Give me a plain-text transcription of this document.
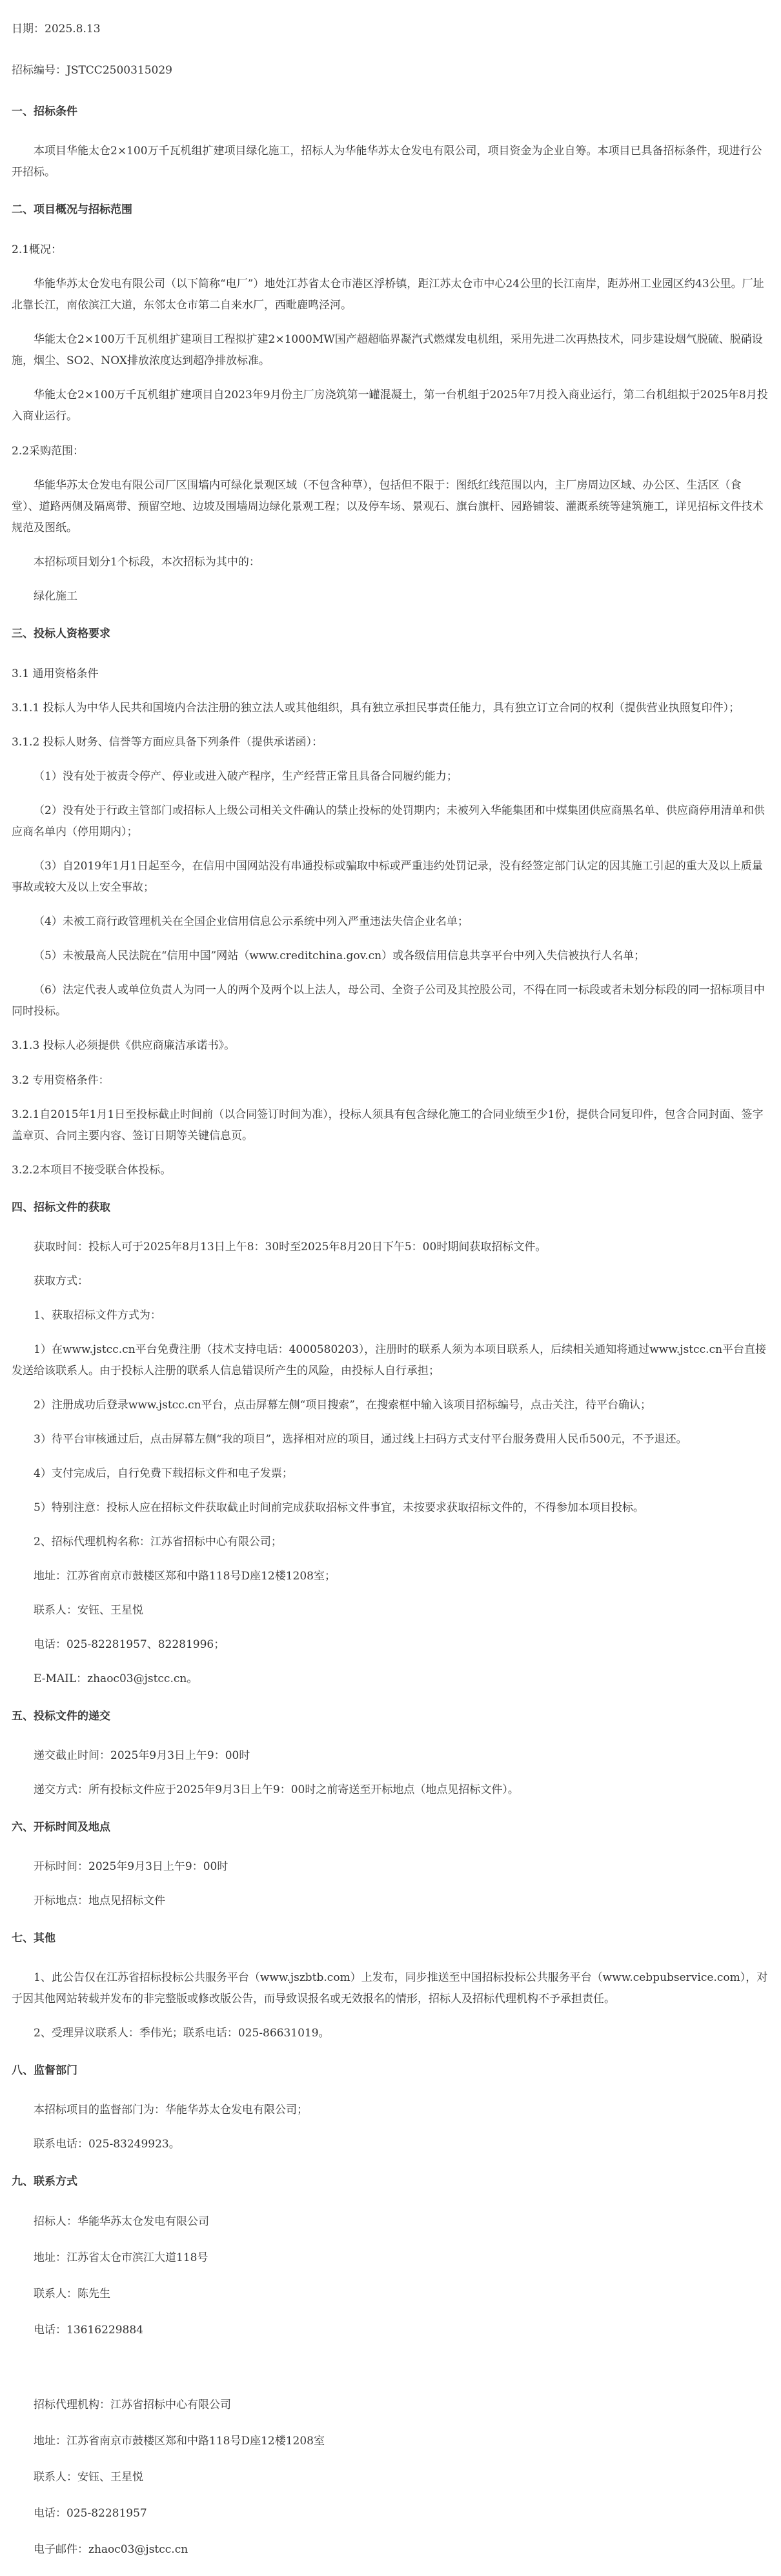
日期：2025.8.13

招标编号：JSTCC2500315029

一、招标条件

本项目华能太仓2×100万千瓦机组扩建项目绿化施工，招标人为华能华苏太仓发电有限公司，项目资金为企业自筹。本项目已具备招标条件，现进行公开招标。

二、项目概况与招标范围

2.1概况：

华能华苏太仓发电有限公司（以下简称“电厂”）地处江苏省太仓市港区浮桥镇，距江苏太仓市中心24公里的长江南岸，距苏州工业园区约43公里。厂址北靠长江，南依滨江大道，东邻太仓市第二自来水厂，西毗鹿鸣泾河。

华能太仓2×100万千瓦机组扩建项目工程拟扩建2×1000MW国产超超临界凝汽式燃煤发电机组，采用先进二次再热技术，同步建设烟气脱硫、脱硝设施，烟尘、SO2、NOX排放浓度达到超净排放标准。

华能太仓2×100万千瓦机组扩建项目自2023年9月份主厂房浇筑第一罐混凝土，第一台机组于2025年7月投入商业运行，第二台机组拟于2025年8月投入商业运行。

2.2采购范围：

华能华苏太仓发电有限公司厂区围墙内可绿化景观区域（不包含种草），包括但不限于：图纸红线范围以内，主厂房周边区域、办公区、生活区（食堂）、道路两侧及隔离带、预留空地、边坡及围墙周边绿化景观工程；以及停车场、景观石、旗台旗杆、园路铺装、灌溉系统等建筑施工，详见招标文件技术规范及图纸。

本招标项目划分1个标段，本次招标为其中的：

绿化施工

三、投标人资格要求

3.1 通用资格条件

3.1.1 投标人为中华人民共和国境内合法注册的独立法人或其他组织，具有独立承担民事责任能力，具有独立订立合同的权利（提供营业执照复印件）；

3.1.2 投标人财务、信誉等方面应具备下列条件（提供承诺函）：

（1）没有处于被责令停产、停业或进入破产程序，生产经营正常且具备合同履约能力；

（2）没有处于行政主管部门或招标人上级公司相关文件确认的禁止投标的处罚期内；未被列入华能集团和中煤集团供应商黑名单、供应商停用清单和供应商名单内（停用期内）；

（3）自2019年1月1日起至今，在信用中国网站没有串通投标或骗取中标或严重违约处罚记录，没有经签定部门认定的因其施工引起的重大及以上质量事故或较大及以上安全事故；

（4）未被工商行政管理机关在全国企业信用信息公示系统中列入严重违法失信企业名单；

（5）未被最高人民法院在“信用中国”网站（www.creditchina.gov.cn）或各级信用信息共享平台中列入失信被执行人名单；

（6）法定代表人或单位负责人为同一人的两个及两个以上法人，母公司、全资子公司及其控股公司，不得在同一标段或者未划分标段的同一招标项目中同时投标。

3.1.3 投标人必须提供《供应商廉洁承诺书》。

3.2 专用资格条件：

3.2.1自2015年1月1日至投标截止时间前（以合同签订时间为准），投标人须具有包含绿化施工的合同业绩至少1份，提供合同复印件，包含合同封面、签字盖章页、合同主要内容、签订日期等关键信息页。

3.2.2本项目不接受联合体投标。

四、招标文件的获取

获取时间：投标人可于2025年8月13日上午8：30时至2025年8月20日下午5：00时期间获取招标文件。

获取方式：

1、获取招标文件方式为：

1）在www.jstcc.cn平台免费注册（技术支持电话：4000580203），注册时的联系人须为本项目联系人，后续相关通知将通过www.jstcc.cn平台直接发送给该联系人。由于投标人注册的联系人信息错误所产生的风险，由投标人自行承担；

2）注册成功后登录www.jstcc.cn平台，点击屏幕左侧“项目搜索”，在搜索框中输入该项目招标编号，点击关注，待平台确认；

3）待平台审核通过后，点击屏幕左侧“我的项目”，选择相对应的项目，通过线上扫码方式支付平台服务费用人民币500元，不予退还。

4）支付完成后，自行免费下载招标文件和电子发票；

5）特别注意：投标人应在招标文件获取截止时间前完成获取招标文件事宜，未按要求获取招标文件的，不得参加本项目投标。

2、招标代理机构名称：江苏省招标中心有限公司；

地址：江苏省南京市鼓楼区郑和中路118号D座12楼1208室；

联系人：安钰、王星悦

电话：025-82281957、82281996；

E-MAIL：zhaoc03@jstcc.cn。

五、投标文件的递交

递交截止时间：2025年9月3日上午9：00时

递交方式：所有投标文件应于2025年9月3日上午9：00时之前寄送至开标地点（地点见招标文件）。

六、开标时间及地点

开标时间：2025年9月3日上午9：00时

开标地点：地点见招标文件

七、其他

1、此公告仅在江苏省招标投标公共服务平台（www.jszbtb.com）上发布，同步推送至中国招标投标公共服务平台（www.cebpubservice.com），对于因其他网站转载并发布的非完整版或修改版公告，而导致误报名或无效报名的情形，招标人及招标代理机构不予承担责任。

2、受理异议联系人：季伟光；联系电话：025-86631019。

八、监督部门

本招标项目的监督部门为：华能华苏太仓发电有限公司；

联系电话：025-83249923。

九、联系方式

招标人：华能华苏太仓发电有限公司

地址：江苏省太仓市滨江大道118号

联系人：陈先生

电话：13616229884

招标代理机构：江苏省招标中心有限公司

地址：江苏省南京市鼓楼区郑和中路118号D座12楼1208室

联系人：安钰、王星悦

电话：025-82281957

电子邮件：zhaoc03@jstcc.cn
